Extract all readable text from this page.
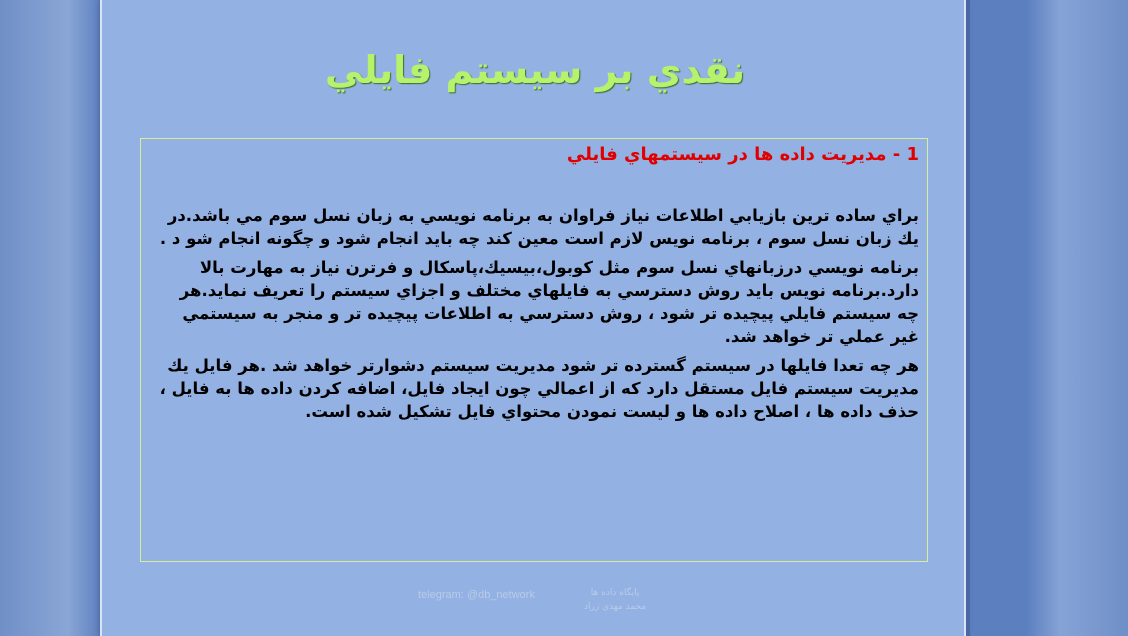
نقدي بر سيستم فايلي

1 - مديريت داده ها در سيستمهاي فايلي

براي ساده ترين بازيابي اطلاعات نياز فراوان به برنامه نويسي به زبان نسل سوم مي باشد.در يك زبان نسل سوم ، برنامه نويس لازم است معين كند چه بايد انجام شود و چگونه انجام شو د .

برنامه نويسي درزبانهاي نسل سوم مثل كوبول،بيسيك،پاسكال و فرترن نياز به مهارت بالا دارد.برنامه نويس بايد روش دسترسي به فايلهاي مختلف و اجزاي سيستم را تعريف نمايد.هر چه سيستم فايلي پيچيده تر شود ، روش دسترسي به اطلاعات پيچيده تر و منجر به سيستمي غير عملي تر خواهد شد.

هر چه تعدا فايلها در سيستم گسترده تر شود مديريت سيستم دشوارتر خواهد شد .هر فايل يك مديريت سيستم فايل مستقل دارد كه از اعمالي چون ايجاد فايل، اضافه كردن داده ها به فايل ، حذف داده ها ، اصلاح داده ها و ليست نمودن محتواي فايل تشكيل شده است.

telegram: @db_network	پايگاه داده ها
محمد مهدي زراد
